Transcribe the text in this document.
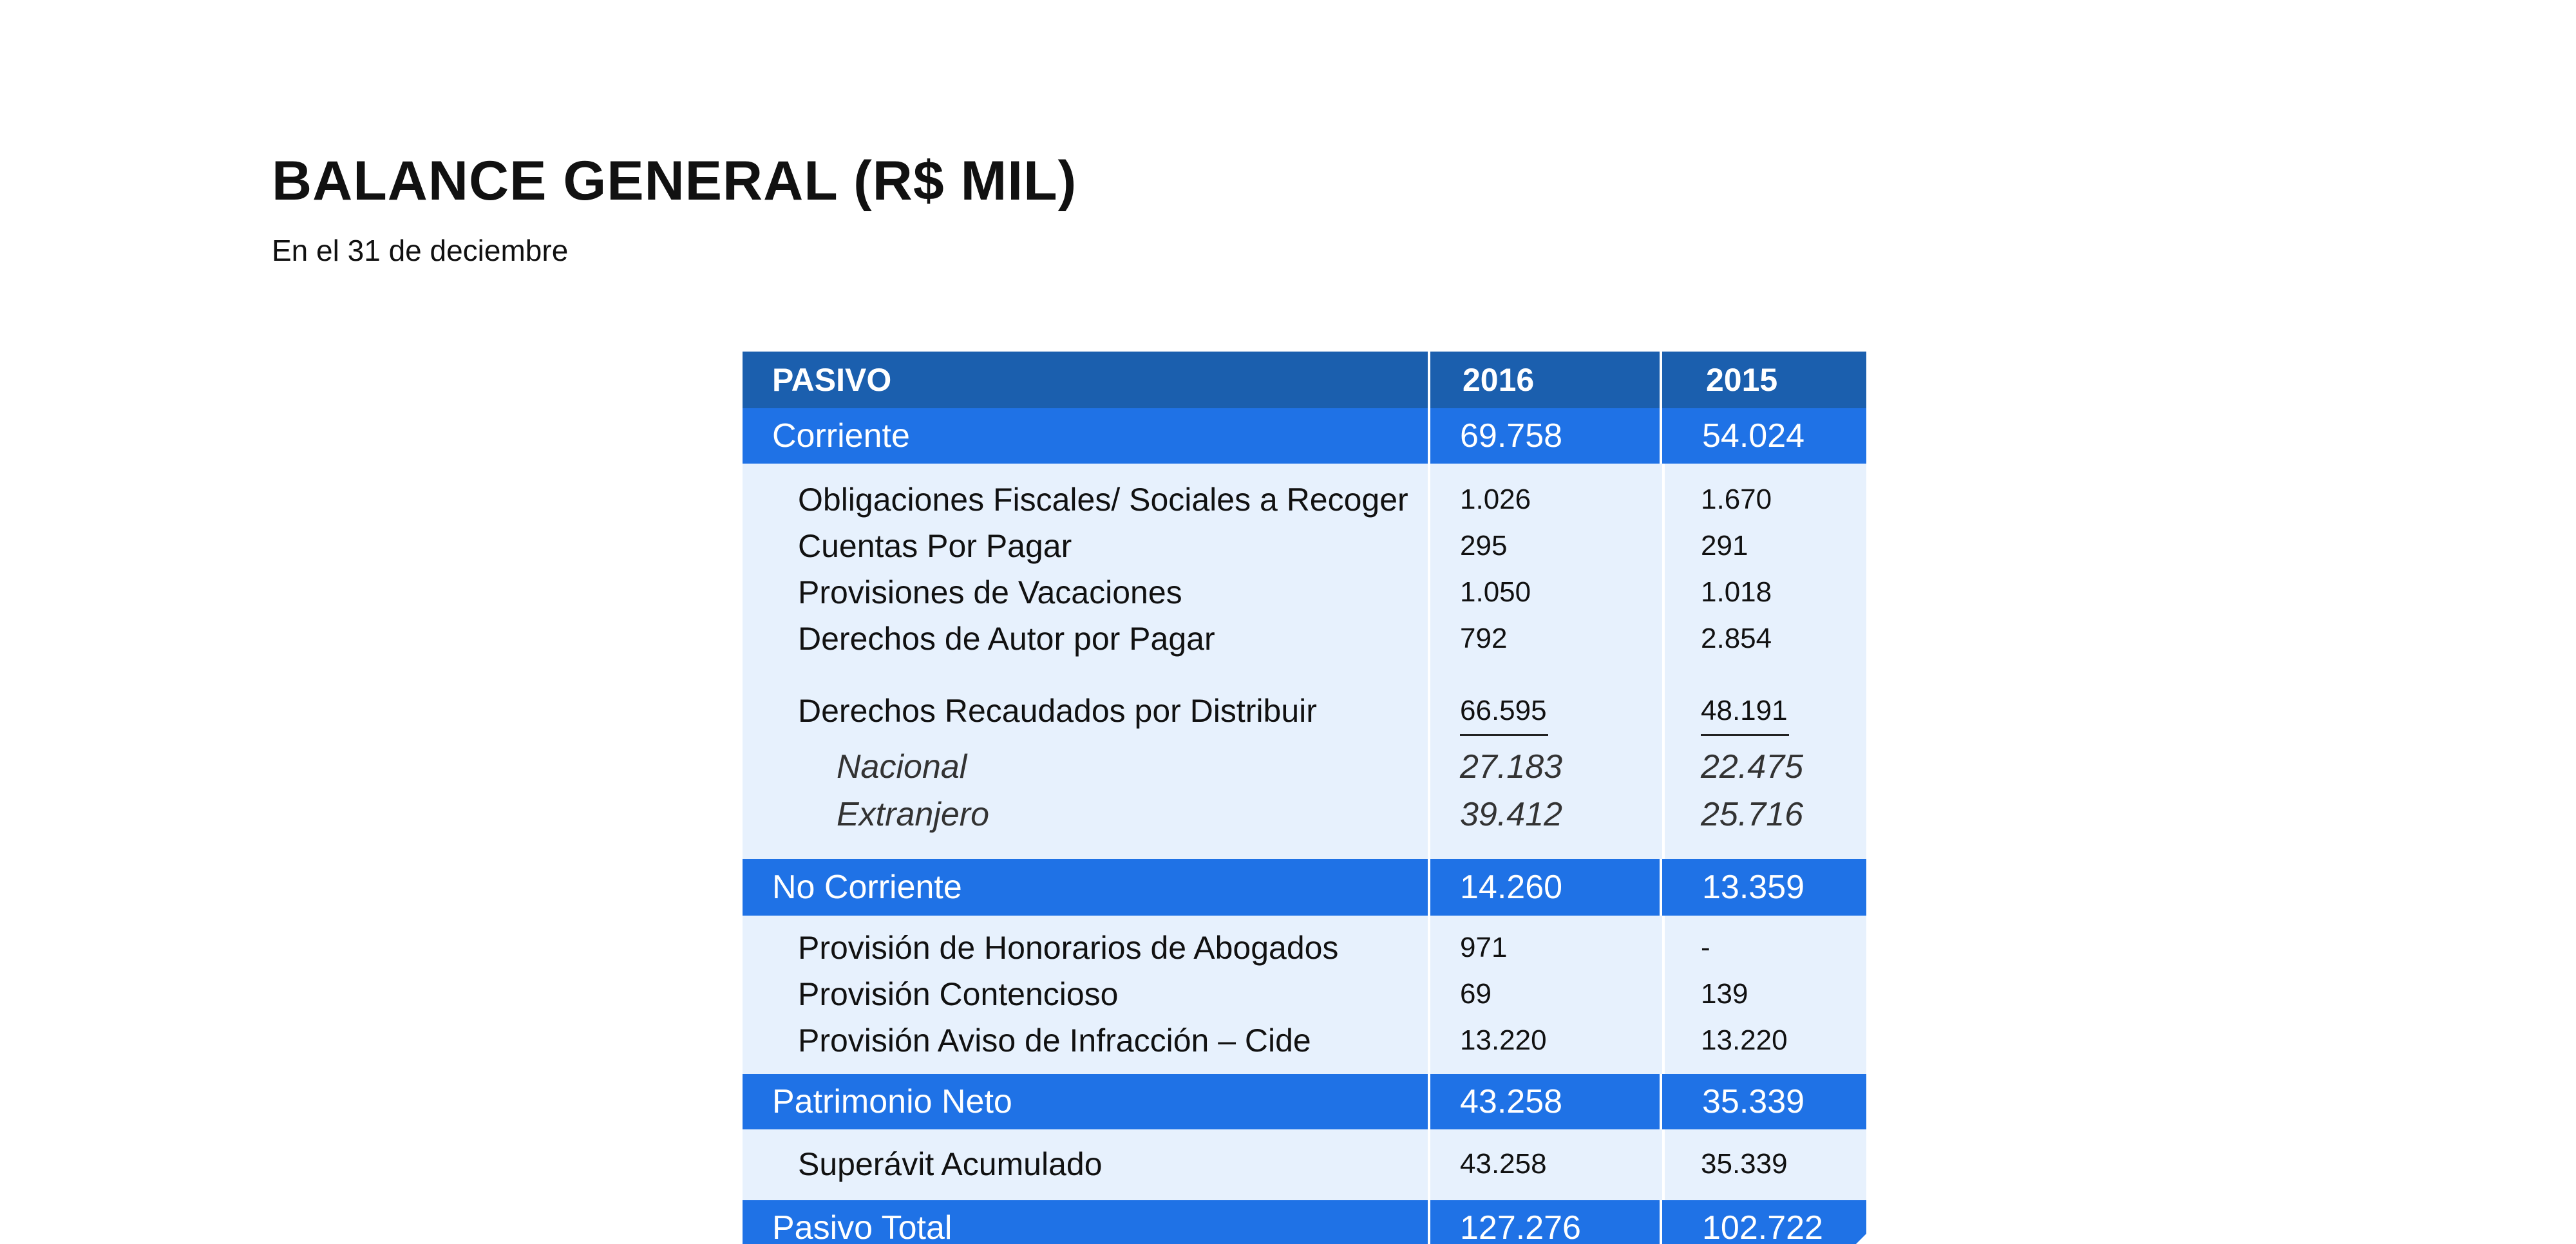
BALANCE GENERAL (R$ MIL)
En el 31 de deciembre
PASIVO	2016	2015
Corriente	69.758	54.024
Obligaciones Fiscales/ Sociales a Recoger	1.026	1.670
Cuentas Por Pagar	295	291
Provisiones de Vacaciones	1.050	1.018
Derechos de Autor por Pagar	792	2.854
Derechos Recaudados por Distribuir	66.595	48.191
Nacional	27.183	22.475
Extranjero	39.412	25.716
No Corriente	14.260	13.359
Provisión de Honorarios de Abogados	971	-
Provisión Contencioso	69	139
Provisión Aviso de Infracción – Cide	13.220	13.220
Patrimonio Neto	43.258	35.339
Superávit Acumulado	43.258	35.339
Pasivo Total	127.276	102.722
